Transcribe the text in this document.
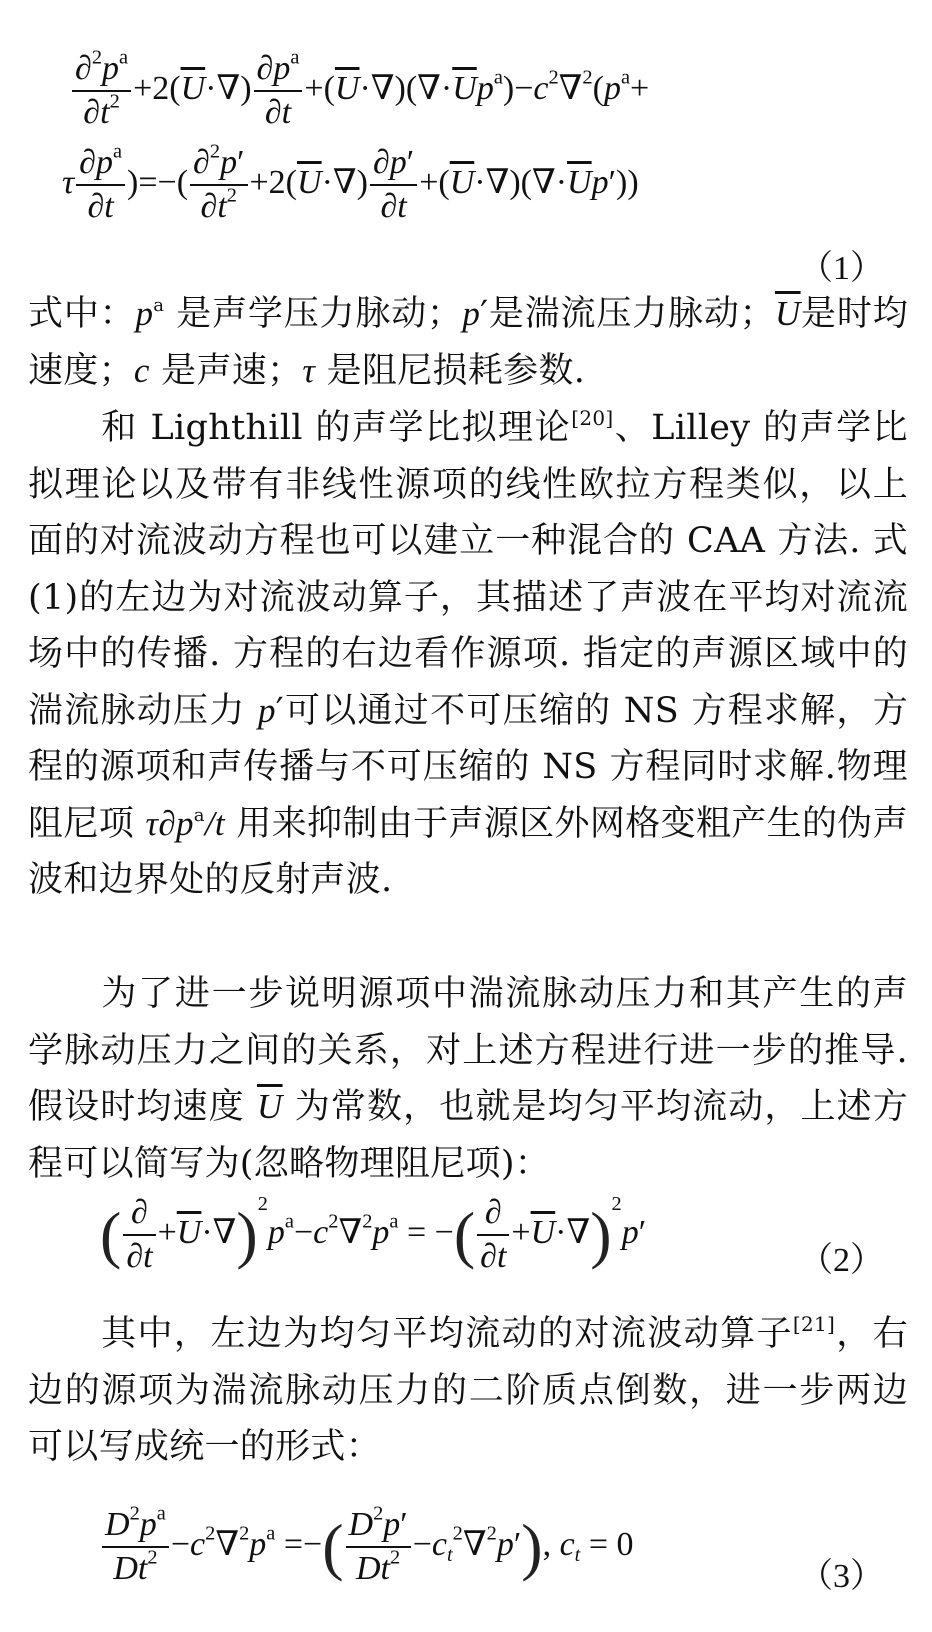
$\frac{\partial^2p^a}{\partial t^2} +2(\overline{U}\cdot\nabla) \frac{\partial p^a}{\partial t} +(\overline{U}\cdot\nabla)(\nabla\cdot\overline{U}p^a)-c^2\nabla^2(p^a+$
τ $\frac{\partial p^a}{\partial t}$ )=−( $\frac{\partial^2p'}{\partial t^2} +2(\overline{U}\cdot\nabla) \frac{\partial p'}{\partial t} +(\overline{U}\cdot\nabla)(\nabla\cdot\overline{U}p')$)
（1）
式中：$p^a$ 是声学压力脉动；p′是湍流压力脉动；$\overline{U}$是时均速度；c 是声速；τ 是阻尼损耗参数.
和 Lighthill 的声学比拟理论[20]、Lilley 的声学比拟理论以及带有非线性源项的线性欧拉方程类似，以上面的对流波动方程也可以建立一种混合的 CAA 方法. 式(1)的左边为对流波动算子，其描述了声波在平均对流流场中的传播. 方程的右边看作源项. 指定的声源区域中的湍流脉动压力 p′可以通过不可压缩的 NS 方程求解，方程的源项和声传播与不可压缩的 NS 方程同时求解.物理阻尼项 $\tau\partial p^a/t$ 用来抑制由于声源区外网格变粗产生的伪声波和边界处的反射声波.
为了进一步说明源项中湍流脉动压力和其产生的声学脉动压力之间的关系，对上述方程进行进一步的推导. 假设时均速度 $\overline{U}$ 为常数，也就是均匀平均流动，上述方程可以简写为(忽略物理阻尼项)：
( $\frac{\partial}{\partial t} +\overline{U}\cdot\nabla)^2p^a-c^2\nabla^2p^a$ = −( $\frac{\partial}{\partial t} +\overline{U}\cdot\nabla)^2p'$
（2）
其中，左边为均匀平均流动的对流波动算子[21]，右边的源项为湍流脉动压力的二阶质点倒数，进一步两边可以写成统一的形式：
$\frac{D^2p^a}{Dt^2} -c^2\nabla^2p^a$ =−( $\frac{D^2p'}{Dt^2} -c_t^2\nabla^2p'$), $c_t = 0$
（3）
